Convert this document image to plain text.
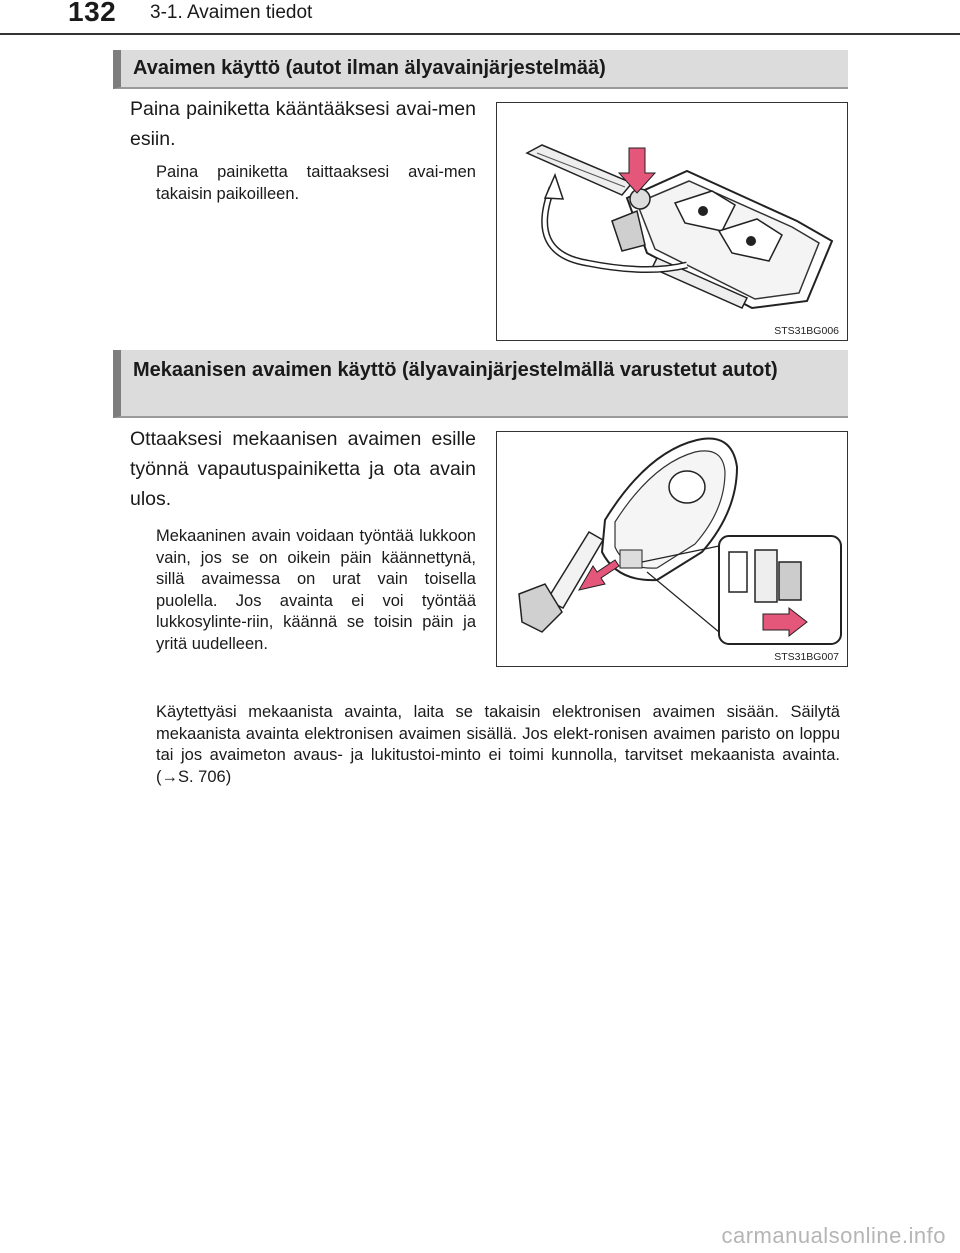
132 3-1. Avaimen tiedot
Avaimen käyttö (autot ilman älyavainjärjestelmää)
Paina painiketta kääntääksesi avai-men esiin.
Paina painiketta taittaaksesi avai-men takaisin paikoilleen.
STS31BG006
Mekaanisen avaimen käyttö (älyavainjärjestelmällä varustetut autot)
Ottaaksesi mekaanisen avaimen esille työnnä vapautuspainiketta ja ota avain ulos.
Mekaaninen avain voidaan työntää lukkoon vain, jos se on oikein päin käännettynä, sillä avaimessa on urat vain toisella puolella. Jos avainta ei voi työntää lukkosylinte-riin, käännä se toisin päin ja yritä uudelleen.
STS31BG007
Käytettyäsi mekaanista avainta, laita se takaisin elektronisen avaimen sisään. Säilytä mekaanista avainta elektronisen avaimen sisällä. Jos elekt-ronisen avaimen paristo on loppu tai jos avaimeton avaus- ja lukitustoi-minto ei toimi kunnolla, tarvitset mekaanista avainta. (→S. 706)
carmanualsonline.info
